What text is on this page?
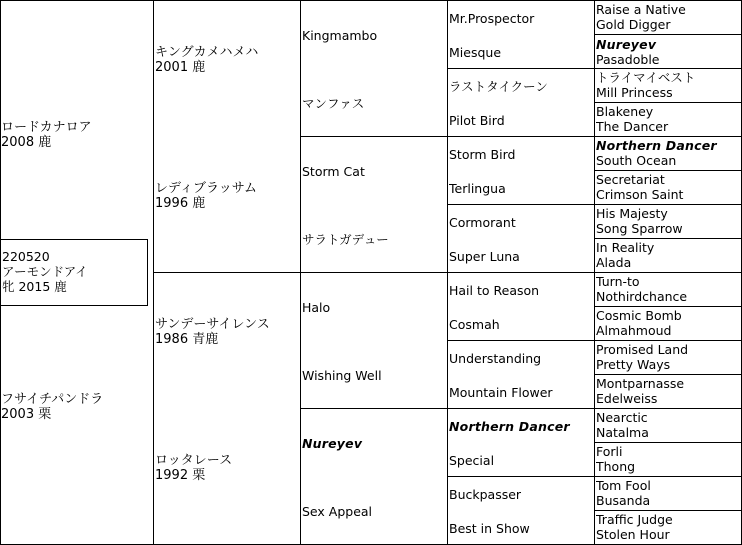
220520
アーモンドアイ
牝 2015 鹿
ロードカナロア
2008 鹿
フサイチパンドラ
2003 栗
キングカメハメハ
2001 鹿
レディブラッサム
1996 鹿
サンデーサイレンス
1986 青鹿
ロッタレース
1992 栗
Kingmambo
マンファス
Storm Cat
サラトガデュー
Halo
Wishing Well
Nureyev
Sex Appeal
Mr.Prospector
Miesque
ラストタイクーン
Pilot Bird
Storm Bird
Terlingua
Cormorant
Super Luna
Hail to Reason
Cosmah
Understanding
Mountain Flower
Northern Dancer
Special
Buckpasser
Best in Show
Raise a Native
Gold Digger
Nureyev
Pasadoble
トライマイベスト
Mill Princess
Blakeney
The Dancer
Northern Dancer
South Ocean
Secretariat
Crimson Saint
His Majesty
Song Sparrow
In Reality
Alada
Turn-to
Nothirdchance
Cosmic Bomb
Almahmoud
Promised Land
Pretty Ways
Montparnasse
Edelweiss
Nearctic
Natalma
Forli
Thong
Tom Fool
Busanda
Traffic Judge
Stolen Hour
